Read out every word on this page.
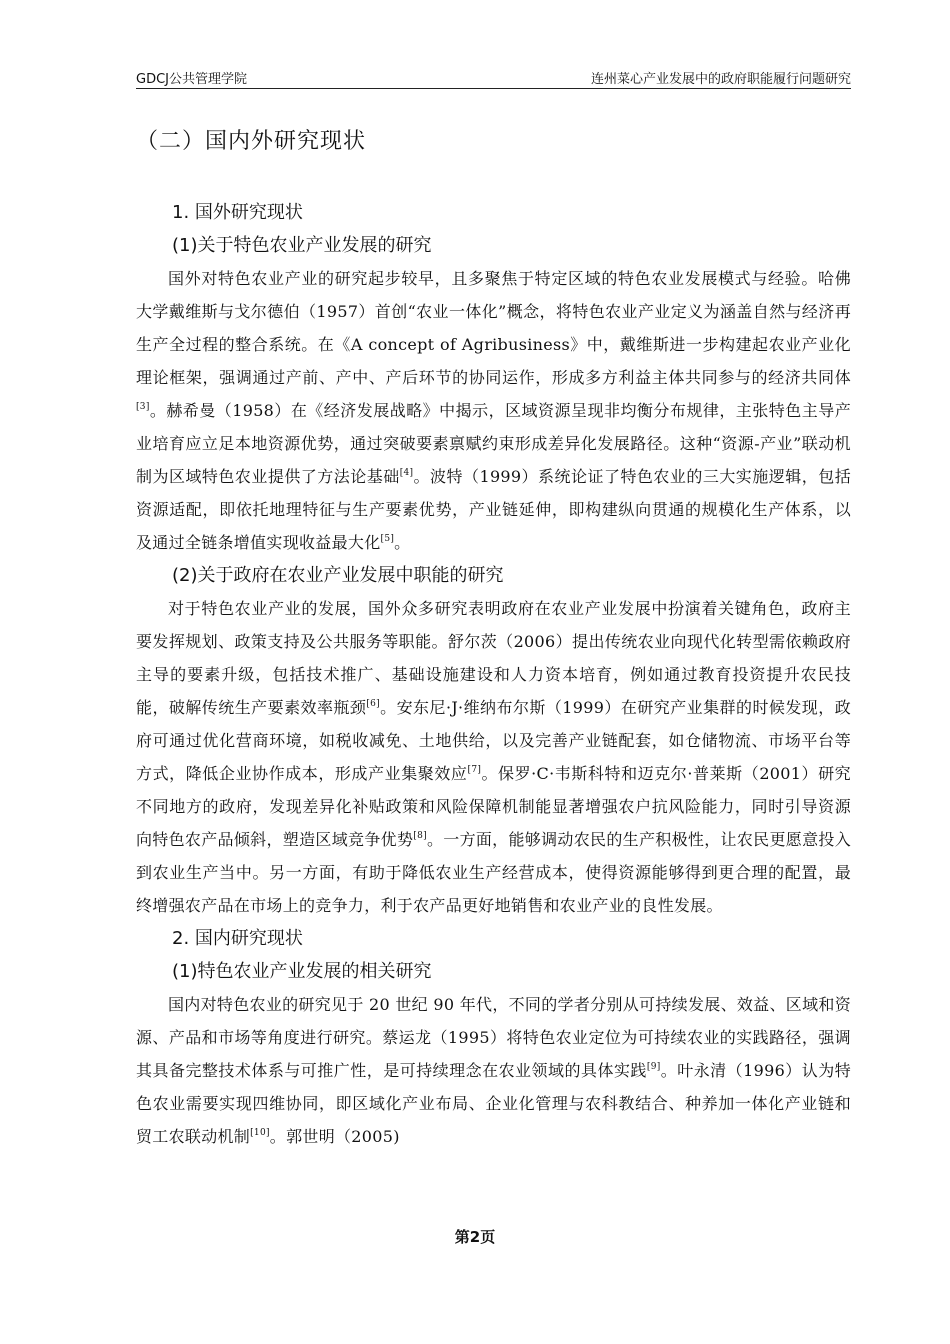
GDCJ公共管理学院	连州菜心产业发展中的政府职能履行问题研究
（二）国内外研究现状
1. 国外研究现状
(1)关于特色农业产业发展的研究

国外对特色农业产业的研究起步较早，且多聚焦于特定区域的特色农业发展模式与经验。哈佛大学戴维斯与戈尔德伯（1957）首创“农业一体化”概念，将特色农业产业定义为涵盖自然与经济再生产全过程的整合系统。在《A concept of Agribusiness》中，戴维斯进一步构建起农业产业化理论框架，强调通过产前、产中、产后环节的协同运作，形成多方利益主体共同参与的经济共同体[3]。赫希曼（1958）在《经济发展战略》中揭示，区域资源呈现非均衡分布规律，主张特色主导产业培育应立足本地资源优势，通过突破要素禀赋约束形成差异化发展路径。这种“资源-产业”联动机制为区域特色农业提供了方法论基础[4]。波特（1999）系统论证了特色农业的三大实施逻辑，包括资源适配，即依托地理特征与生产要素优势，产业链延伸，即构建纵向贯通的规模化生产体系，以及通过全链条增值实现收益最大化[5]。

(2)关于政府在农业产业发展中职能的研究

对于特色农业产业的发展，国外众多研究表明政府在农业产业发展中扮演着关键角色，政府主要发挥规划、政策支持及公共服务等职能。舒尔茨（2006）提出传统农业向现代化转型需依赖政府主导的要素升级，包括技术推广、基础设施建设和人力资本培育，例如通过教育投资提升农民技能，破解传统生产要素效率瓶颈[6]。安东尼·J·维纳布尔斯（1999）在研究产业集群的时候发现，政府可通过优化营商环境，如税收减免、土地供给，以及完善产业链配套，如仓储物流、市场平台等方式，降低企业协作成本，形成产业集聚效应[7]。保罗·C·韦斯科特和迈克尔·普莱斯（2001）研究不同地方的政府，发现差异化补贴政策和风险保障机制能显著增强农户抗风险能力，同时引导资源向特色农产品倾斜，塑造区域竞争优势[8]。一方面，能够调动农民的生产积极性，让农民更愿意投入到农业生产当中。另一方面，有助于降低农业生产经营成本，使得资源能够得到更合理的配置，最终增强农产品在市场上的竞争力，利于农产品更好地销售和农业产业的良性发展。

2. 国内研究现状
(1)特色农业产业发展的相关研究

国内对特色农业的研究见于 20 世纪 90 年代，不同的学者分别从可持续发展、效益、区域和资源、产品和市场等角度进行研究。蔡运龙（1995）将特色农业定位为可持续农业的实践路径，强调其具备完整技术体系与可推广性，是可持续理念在农业领域的具体实践[9]。叶永清（1996）认为特色农业需要实现四维协同，即区域化产业布局、企业化管理与农科教结合、种养加一体化产业链和贸工农联动机制[10]。郭世明（2005)

第2页
